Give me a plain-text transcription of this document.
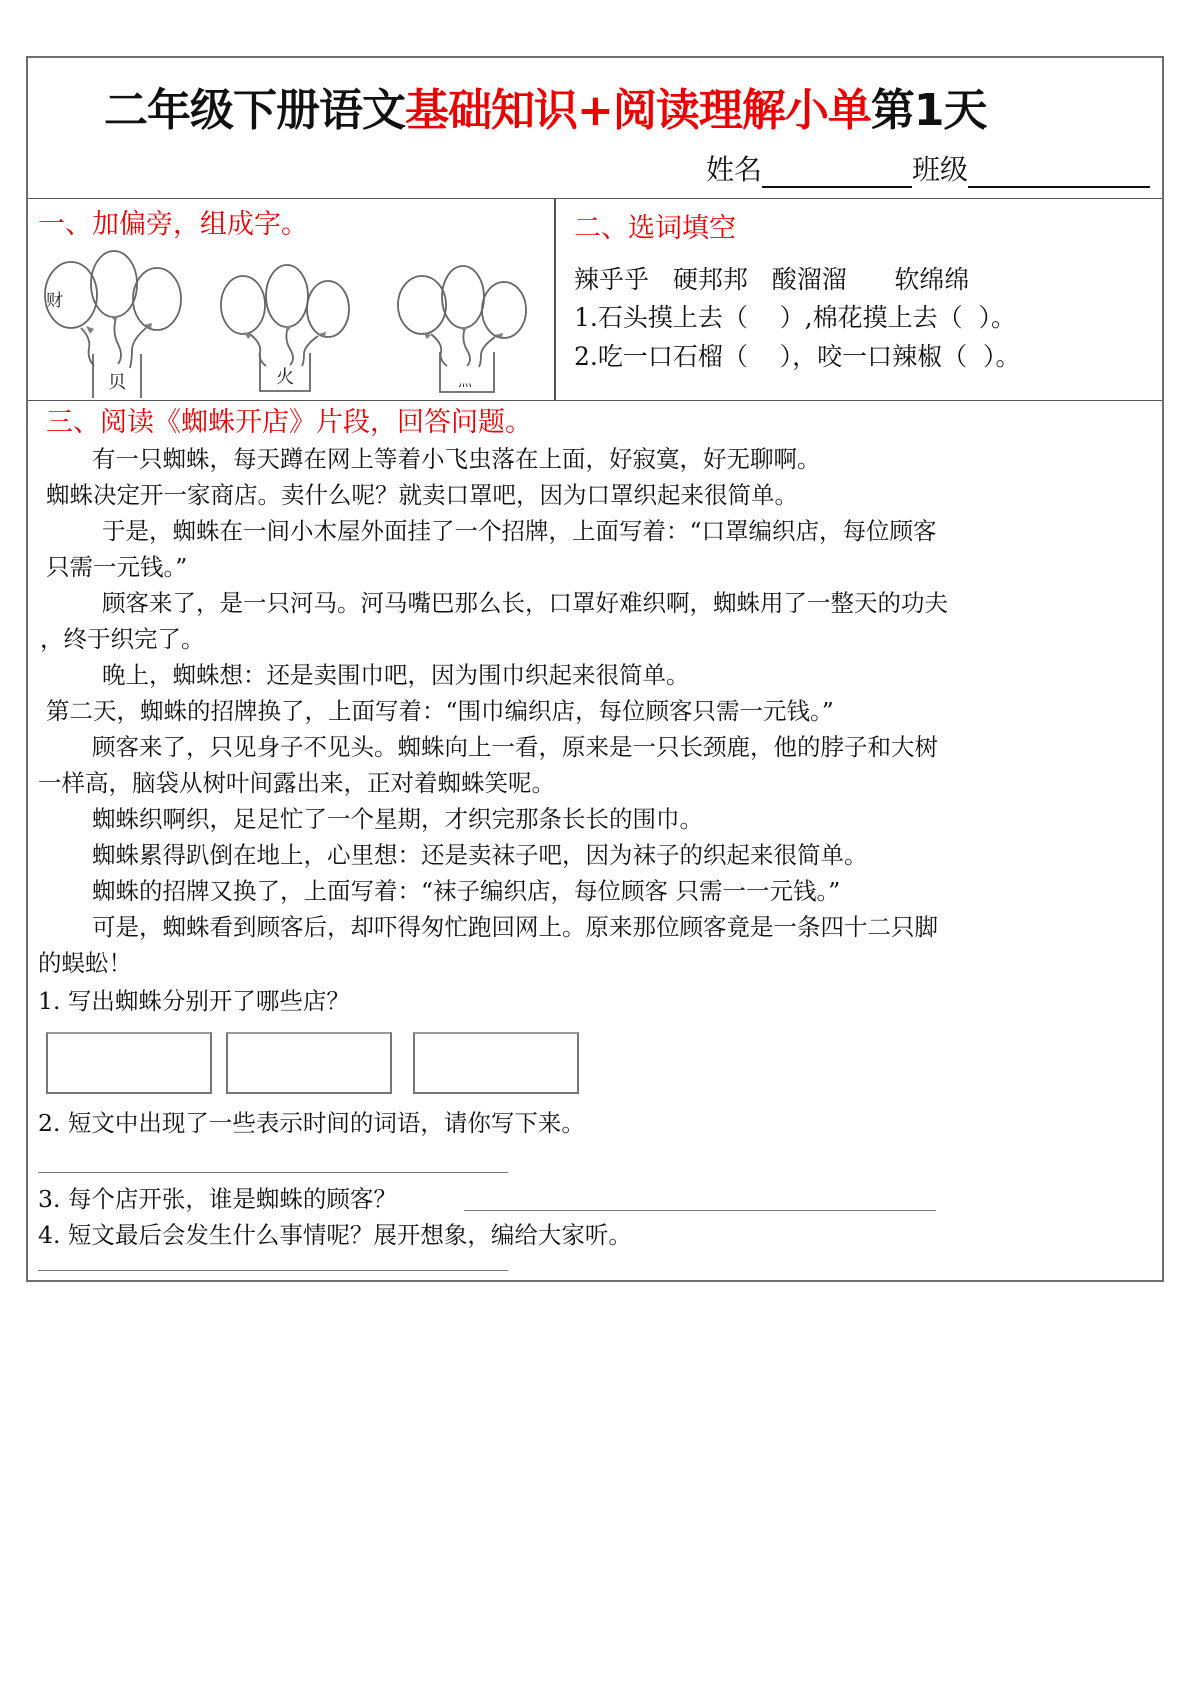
二年级下册语文基础知识+阅读理解小单第1天
姓名	班级
一、加偏旁，组成字。
财
贝	火	灬
二、选词填空
辣乎乎 硬邦邦 酸溜溜 软绵绵
1.石头摸上去（    ）,棉花摸上去（  ）。
2.吃一口石榴（    ），咬一口辣椒（  ）。
三、阅读《蜘蛛开店》片段，回答问题。
有一只蜘蛛，每天蹲在网上等着小飞虫落在上面，好寂寞，好无聊啊。
蜘蛛决定开一家商店。卖什么呢？就卖口罩吧，因为口罩织起来很简单。
于是，蜘蛛在一间小木屋外面挂了一个招牌，上面写着：“口罩编织店，每位顾客
只需一元钱。”
顾客来了，是一只河马。河马嘴巴那么长，口罩好难织啊，蜘蛛用了一整天的功夫
，终于织完了。
晚上，蜘蛛想：还是卖围巾吧，因为围巾织起来很简单。
第二天，蜘蛛的招牌换了，上面写着：“围巾编织店，每位顾客只需一元钱。”
顾客来了，只见身子不见头。蜘蛛向上一看，原来是一只长颈鹿，他的脖子和大树
一样高，脑袋从树叶间露出来，正对着蜘蛛笑呢。
蜘蛛织啊织，足足忙了一个星期，才织完那条长长的围巾。
蜘蛛累得趴倒在地上，心里想：还是卖袜子吧，因为袜子的织起来很简单。
蜘蛛的招牌又换了，上面写着：“袜子编织店，每位顾客 只需一一元钱。”
可是，蜘蛛看到顾客后，却吓得匆忙跑回网上。原来那位顾客竟是一条四十二只脚
的蜈蚣！
1. 写出蜘蛛分别开了哪些店？
2. 短文中出现了一些表示时间的词语，请你写下来。
3. 每个店开张，谁是蜘蛛的顾客？
4. 短文最后会发生什么事情呢？展开想象，编给大家听。
